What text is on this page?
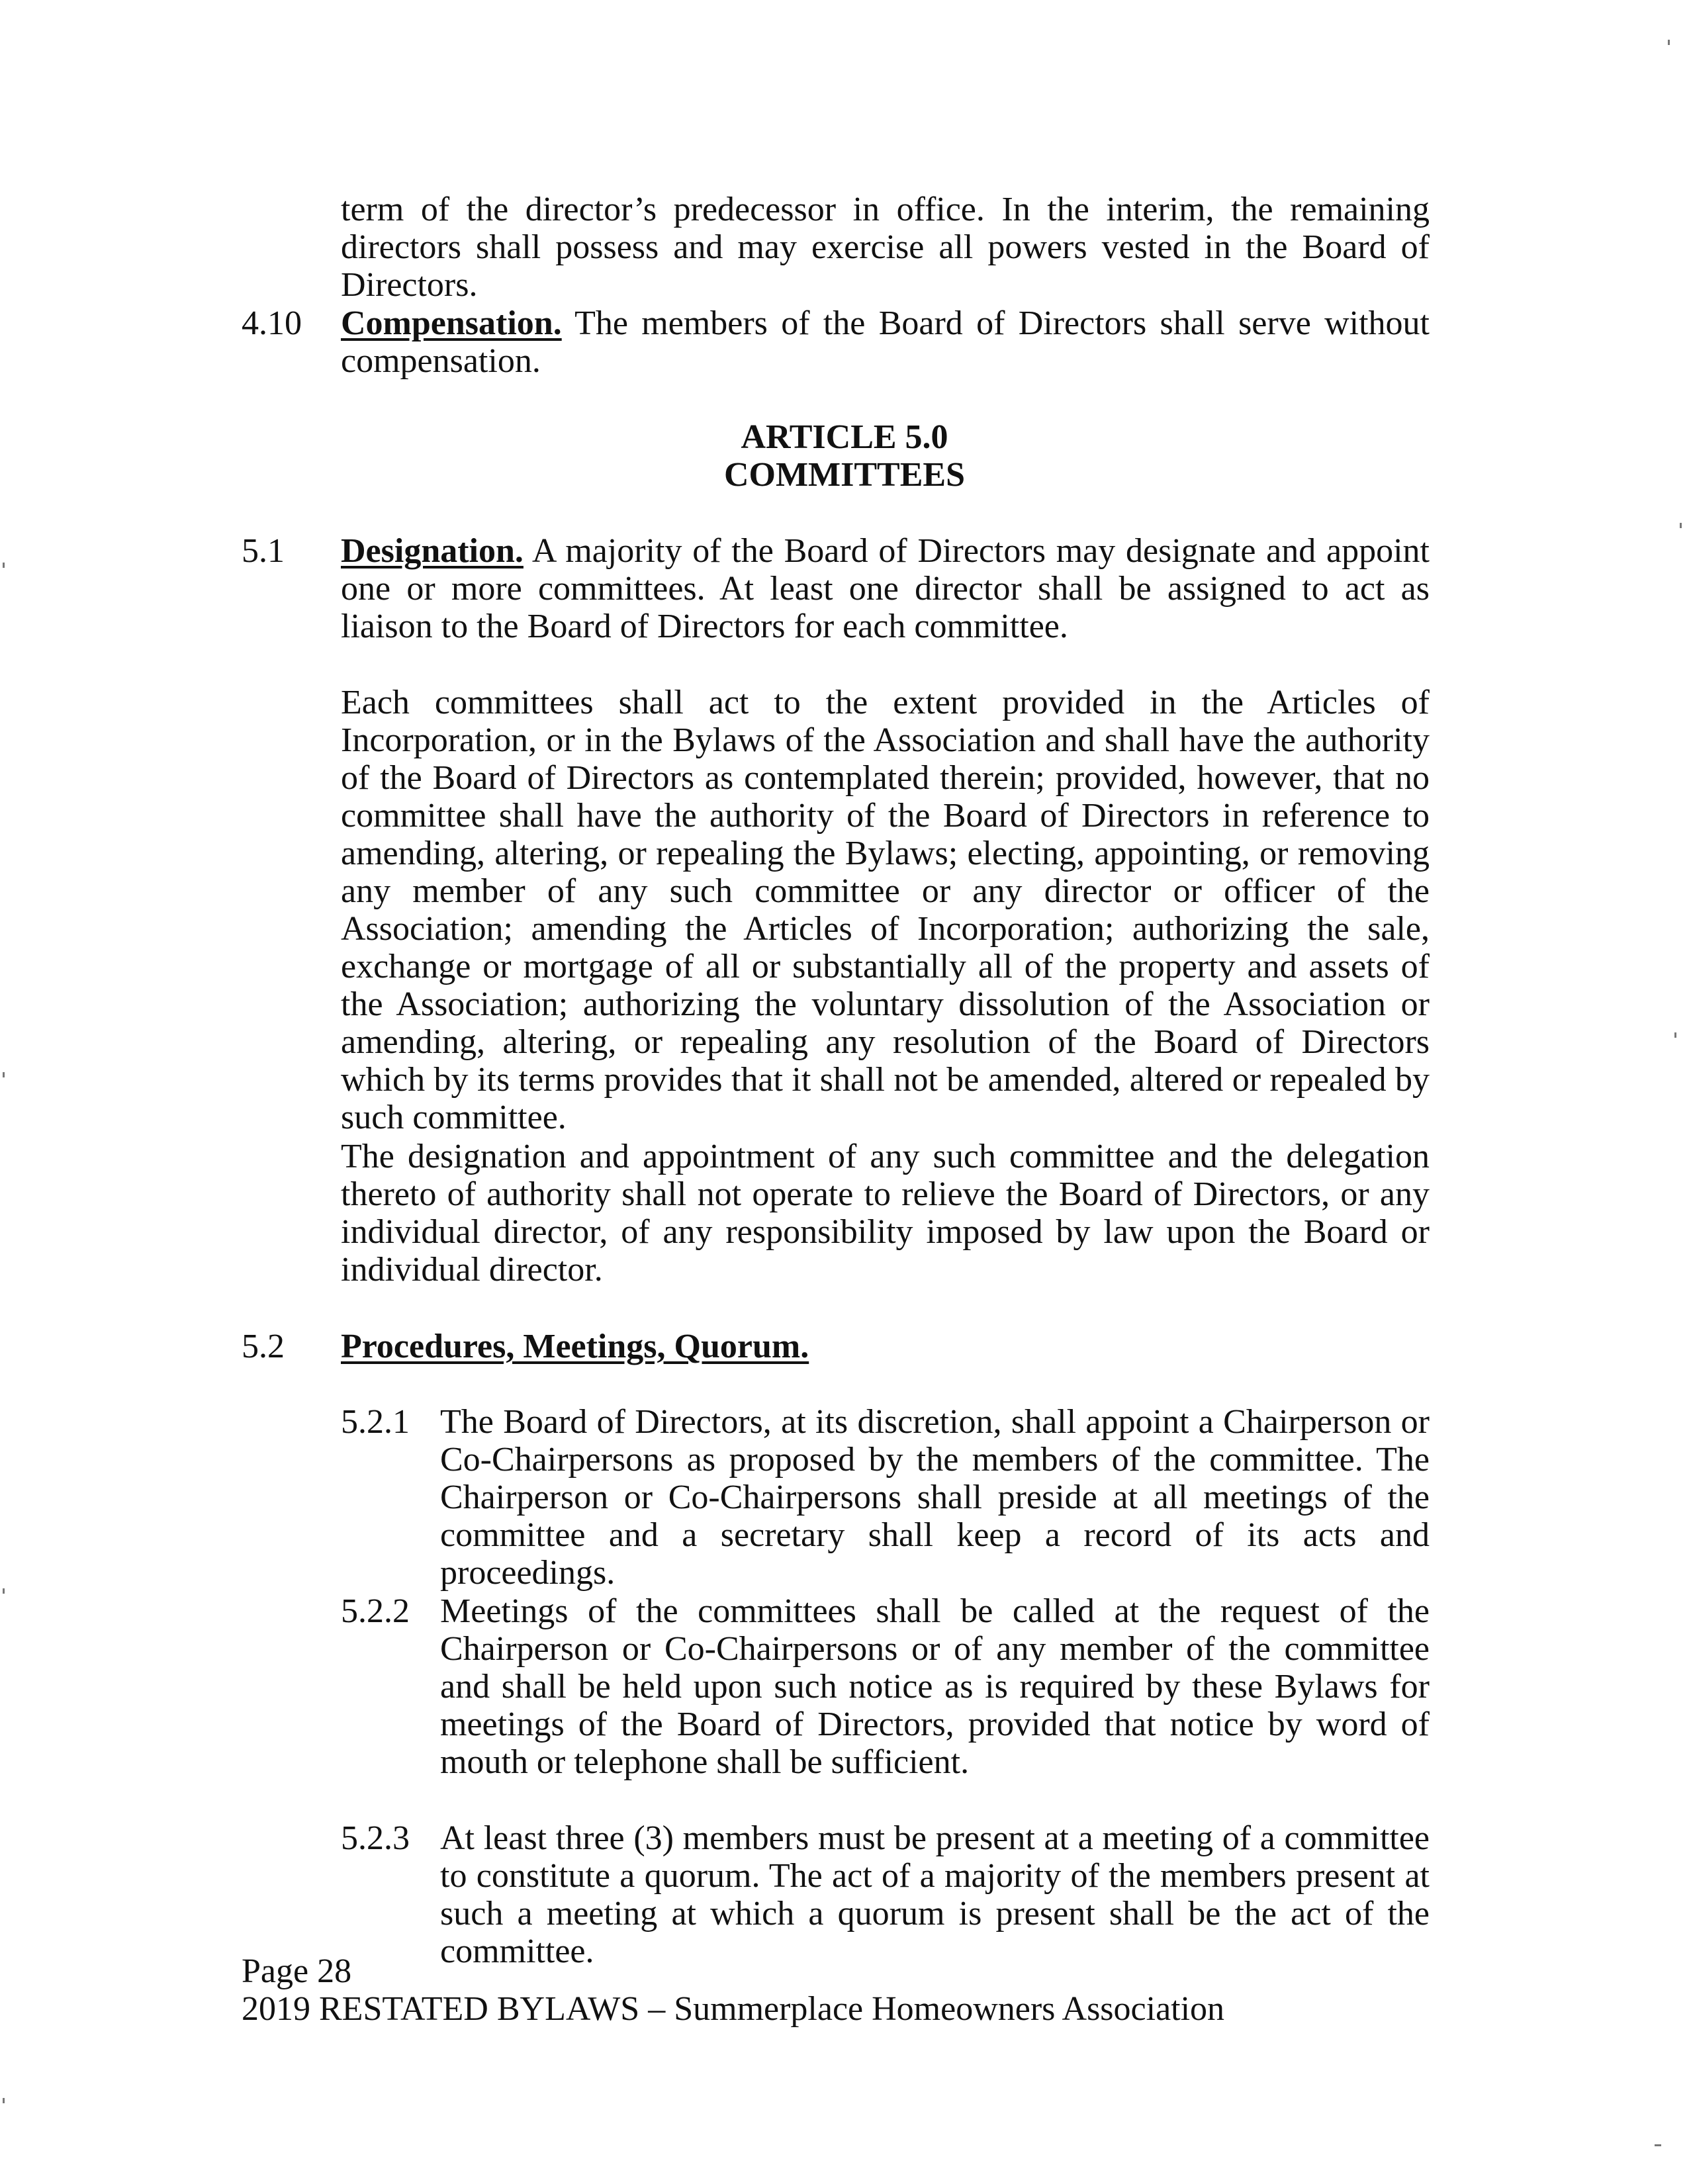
term of the director’s predecessor in office. In the interim, the remaining directors shall possess and may exercise all powers vested in the Board of Directors.

4.10 Compensation. The members of the Board of Directors shall serve without compensation.

ARTICLE 5.0

COMMITTEES

5.1 Designation. A majority of the Board of Directors may designate and appoint one or more committees. At least one director shall be assigned to act as liaison to the Board of Directors for each committee.

Each committees shall act to the extent provided in the Articles of Incorporation, or in the Bylaws of the Association and shall have the authority of the Board of Directors as contemplated therein; provided, however, that no committee shall have the authority of the Board of Directors in reference to amending, altering, or repealing the Bylaws; electing, appointing, or removing any member of any such committee or any director or officer of the Association; amending the Articles of Incorporation; authorizing the sale, exchange or mortgage of all or substantially all of the property and assets of the Association; authorizing the voluntary dissolution of the Association or amending, altering, or repealing any resolution of the Board of Directors which by its terms provides that it shall not be amended, altered or repealed by such committee.

The designation and appointment of any such committee and the delegation thereto of authority shall not operate to relieve the Board of Directors, or any individual director, of any responsibility imposed by law upon the Board or individual director.

5.2 Procedures, Meetings, Quorum.

5.2.1 The Board of Directors, at its discretion, shall appoint a Chairperson or Co-Chairpersons as proposed by the members of the committee. The Chairperson or Co-Chairpersons shall preside at all meetings of the committee and a secretary shall keep a record of its acts and proceedings.

5.2.2 Meetings of the committees shall be called at the request of the Chairperson or Co-Chairpersons or of any member of the committee and shall be held upon such notice as is required by these Bylaws for meetings of the Board of Directors, provided that notice by word of mouth or telephone shall be sufficient.

5.2.3 At least three (3) members must be present at a meeting of a committee to constitute a quorum. The act of a majority of the members present at such a meeting at which a quorum is present shall be the act of the committee.

Page 28

2019 RESTATED BYLAWS – Summerplace Homeowners Association
